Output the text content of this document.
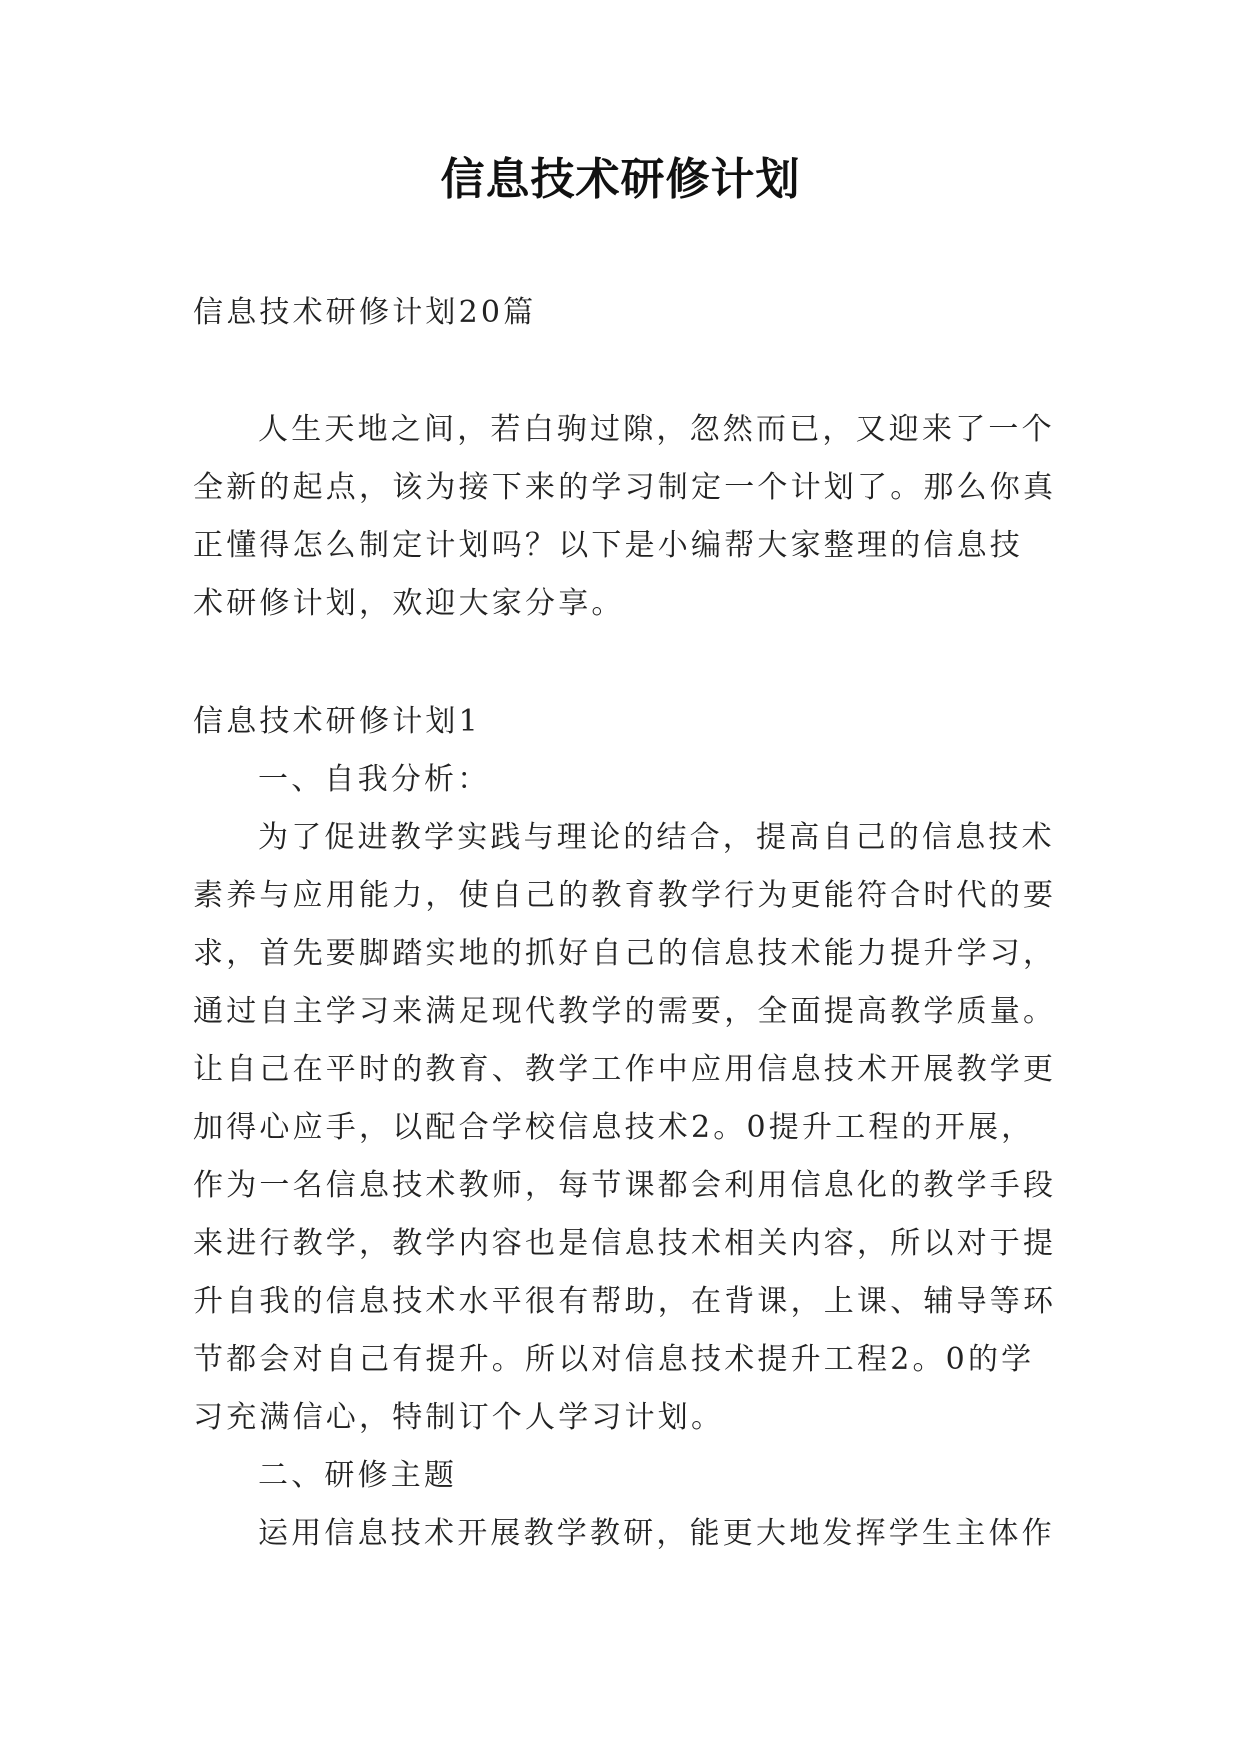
信息技术研修计划
信息技术研修计划20篇
人生天地之间，若白驹过隙，忽然而已，又迎来了一个
全新的起点，该为接下来的学习制定一个计划了。那么你真
正懂得怎么制定计划吗？以下是小编帮大家整理的信息技
术研修计划，欢迎大家分享。
信息技术研修计划1
一、自我分析：
为了促进教学实践与理论的结合，提高自己的信息技术
素养与应用能力，使自己的教育教学行为更能符合时代的要
求，首先要脚踏实地的抓好自己的信息技术能力提升学习，
通过自主学习来满足现代教学的需要，全面提高教学质量。
让自己在平时的教育、教学工作中应用信息技术开展教学更
加得心应手，以配合学校信息技术2。0提升工程的开展，
作为一名信息技术教师，每节课都会利用信息化的教学手段
来进行教学，教学内容也是信息技术相关内容，所以对于提
升自我的信息技术水平很有帮助，在背课，上课、辅导等环
节都会对自己有提升。所以对信息技术提升工程2。0的学
习充满信心，特制订个人学习计划。
二、研修主题
运用信息技术开展教学教研，能更大地发挥学生主体作
